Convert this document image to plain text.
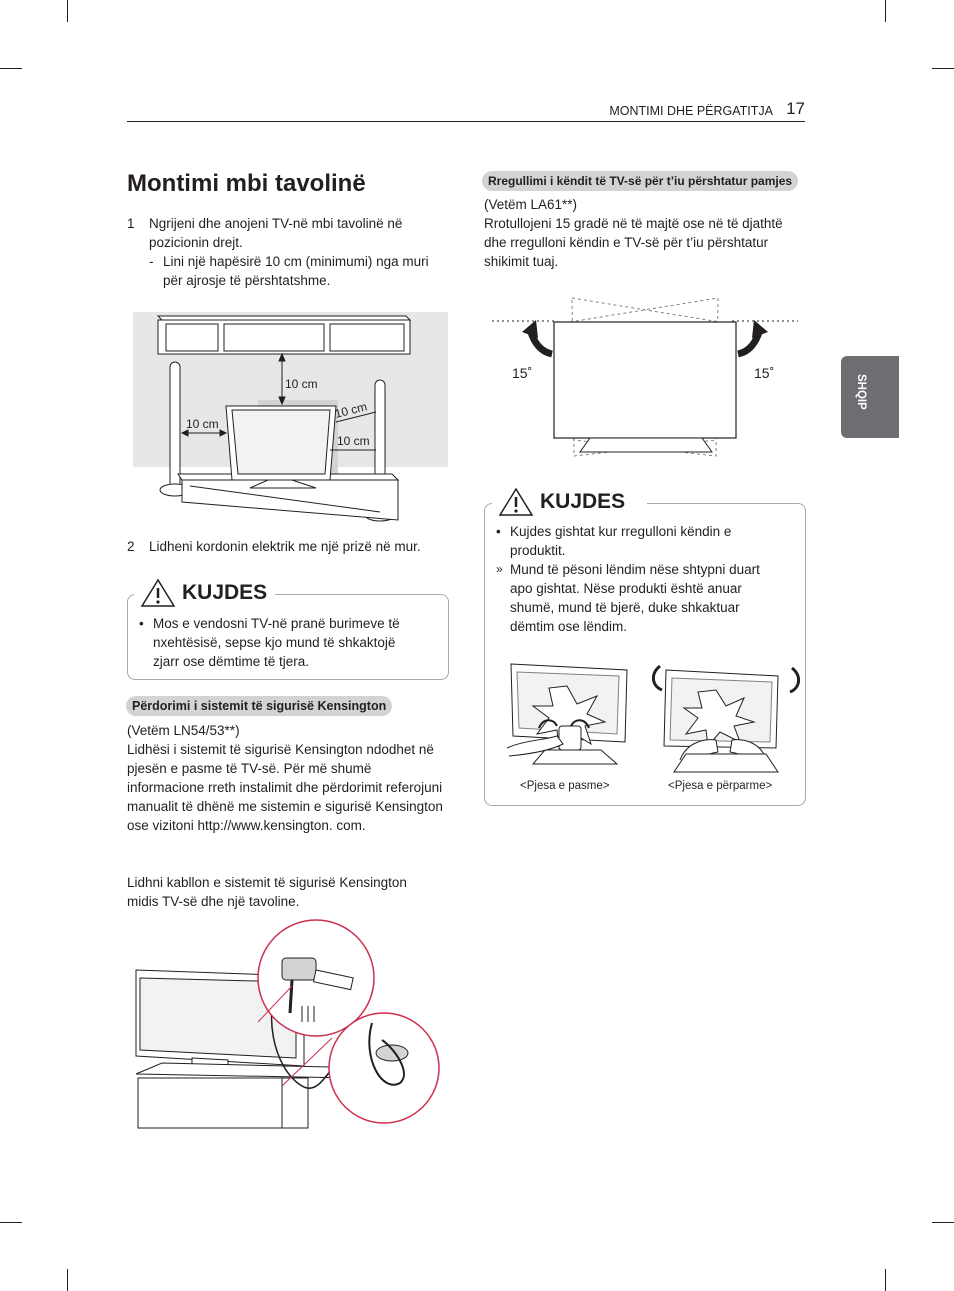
MONTIMI DHE PËRGATITJA 17
SHQIP
Montimi mbi tavolinë
1 Ngrijeni dhe anojeni TV-në mbi tavolinë në pozicionin drejt.
- Lini një hapësirë 10 cm (minimumi) nga muri për ajrosje të përshtatshme.
10 cm
10 cm
10 cm
10 cm
2 Lidheni kordonin elektrik me një prizë në mur.
KUJDES
• Mos e vendosni TV-në pranë burimeve të nxehtësisë, sepse kjo mund të shkaktojë zjarr ose dëmtime të tjera.
Përdorimi i sistemit të sigurisë Kensington
(Vetëm LN54/53**)
Lidhësi i sistemit të sigurisë Kensington ndodhet në pjesën e pasme të TV-së. Për më shumë informacione rreth instalimit dhe përdorimit referojuni manualit të dhënë me sistemin e sigurisë Kensington ose vizitoni http://www.kensington. com.
Lidhni kabllon e sistemit të sigurisë Kensington midis TV-së dhe një tavoline.
Rregullimi i këndit të TV-së për t’iu përshtatur pamjes
(Vetëm LA61**)
Rrotullojeni 15 gradë në të majtë ose në të djathtë dhe rregulloni këndin e TV-së për t’iu përshtatur shikimit tuaj.
15˚	15˚
KUJDES
• Kujdes gishtat kur rregulloni këndin e produktit.
» Mund të pësoni lëndim nëse shtypni duart apo gishtat. Nëse produkti është anuar shumë, mund të bjerë, duke shkaktuar dëmtim ose lëndim.
<Pjesa e pasme>	<Pjesa e përparme>
